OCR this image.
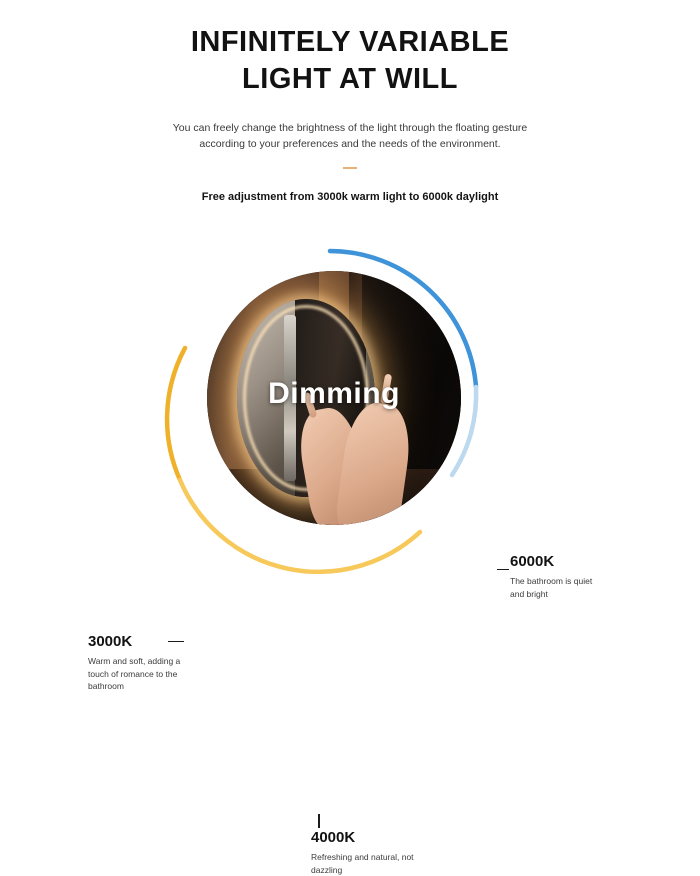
INFINITELY VARIABLE
LIGHT AT WILL

You can freely change the brightness of the light through the floating gesture according to your preferences and the needs of the environment.

Free adjustment from 3000k warm light to 6000k daylight

Dimming
6000K
The bathroom is quiet and bright
3000K
Warm and soft, adding a touch of romance to the bathroom
4000K
Refreshing and natural, not dazzling
